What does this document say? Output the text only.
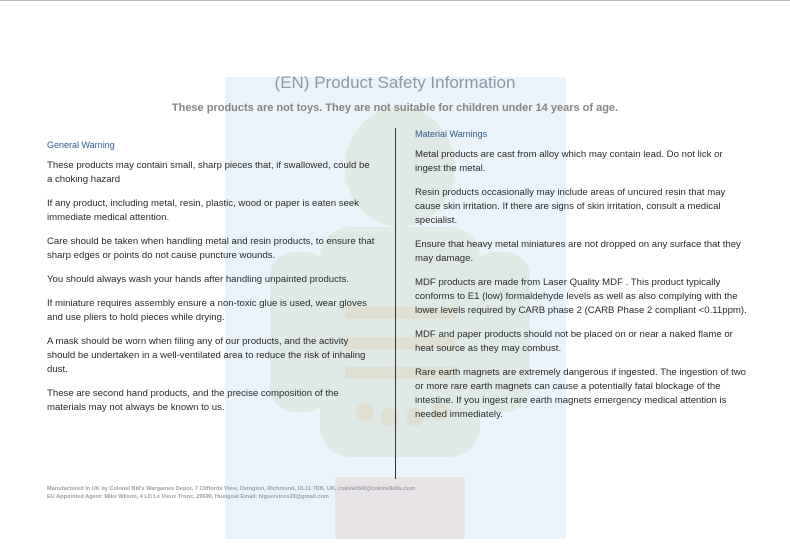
(EN) Product Safety Information
These products are not toys. They are not suitable for children under 14 years of age.
General Warning

These products may contain small, sharp pieces that, if swallowed, could be a choking hazard

If any product, including metal, resin, plastic, wood or paper is eaten seek immediate medical attention.

Care should be taken when handling metal and resin products, to ensure that sharp edges or points do not cause puncture wounds.

You should always wash your hands after handling unpainted products.

If miniature requires assembly ensure a non-toxic glue is used, wear gloves and use pliers to hold pieces while drying.

A mask should be worn when filing any of our products, and the activity should be undertaken in a well-ventilated area to reduce the risk of inhaling dust.

These are second hand products, and the precise composition of the materials may not always be known to us.

Material Warnings

Metal products are cast from alloy which may contain lead. Do not lick or ingest the metal.

Resin products occasionally may include areas of uncured resin that may cause skin irritation. If there are signs of skin irritation, consult a medical specialist.

Ensure that heavy metal miniatures are not dropped on any surface that they may damage.

MDF products are made from Laser Quality MDF . This product typically conforms to E1 (low) formaldehyde levels as well as also complying with the lower levels required by CARB phase 2 (CARB Phase 2 compliant <0.11ppm).

MDF and paper products should not be placed on or near a naked flame or heat source as they may combust.

Rare earth magnets are extremely dangerous if ingested. The ingestion of two or more rare earth magnets can cause a potentially fatal blockage of the intestine. If you ingest rare earth magnets emergency medical attention is needed immediately.

Manufactured in UK by Colonel Bill's Wargames Depot, 7 Cliffords View, Ovington, Richmond, DL11 7DB, UK, colonelbill@colonelbills.com
EU Appointed Agent: Mike Wilson, 4 LD Le Vieux Tronc, 29690, Huelgoat Email: hlgservices29@gmail.com
